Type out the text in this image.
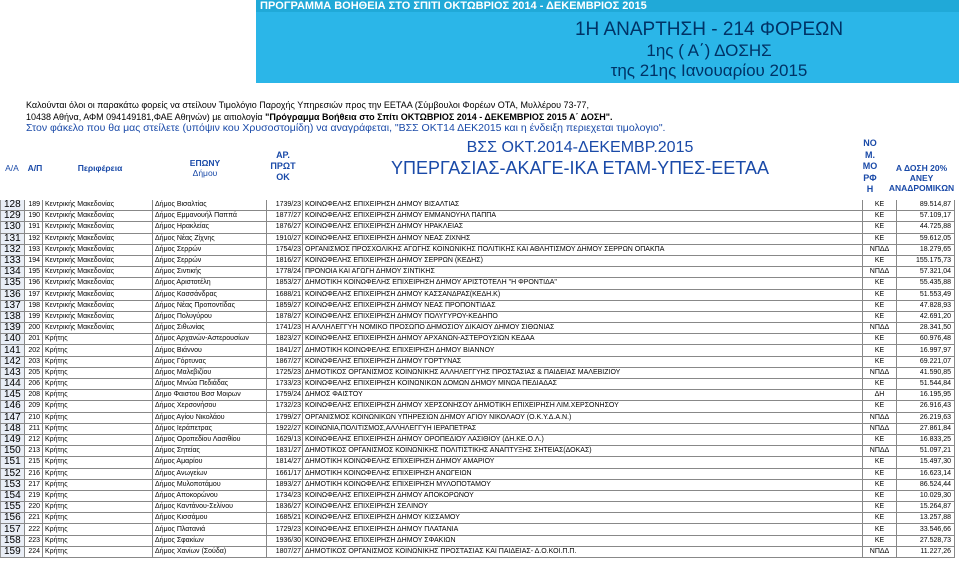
ΠΡΟΓΡΑΜΜΑ ΒΟΗΘΕΙΑ ΣΤΟ ΣΠΙΤΙ ΟΚΤΩΒΡΙΟΣ 2014 - ΔΕΚΕΜΒΡΙΟΣ 2015
1Η ΑΝΑΡΤΗΣΗ - 214 ΦΟΡΕΩΝ
1ης ( Α΄) ΔΟΣΗΣ
της 21ης Ιανουαρίου 2015
Καλούνται όλοι οι παρακάτω φορείς να στείλουν Τιμολόγιο Παροχής Υπηρεσιών προς την ΕΕΤΑΑ (Σύμβουλοι Φορέων ΟΤΑ, Μυλλέρου 73-77,
10438 Αθήνα, ΑΦΜ 094149181,ΦΑΕ Αθηνών) με αιτιολογία "Πρόγραμμα Βοήθεια στο Σπίτι ΟΚΤΩΒΡΙΟΣ 2014 - ΔΕΚΕΜΒΡΙΟΣ 2015 Α΄ ΔΟΣΗ".
Στον φάκελο που θα μας στείλετε (υπόψιν κου Χρυσοστομίδη) να αναγράφεται, "ΒΣΣ ΟΚΤ14 ΔΕΚ2015 και η ένδειξη περιεχεται τιμολογιο".
Α/Α	Α/Π	Περιφέρεια	ΕΠΩΝΥ
Δήμου
ΑΡ.
ΠΡΩΤ
ΟΚ
ΒΣΣ ΟΚΤ.2014-ΔΕΚΕΜΒΡ.2015
ΥΠΕΡΓΑΣΙΑΣ-ΑΚΑΓΕ-ΙΚΑ ΕΤΑΜ-ΥΠΕΣ-ΕΕΤΑΑ
ΝΟ
Μ.
ΜΟ
ΡΦ
Η
Α ΔΟΣΗ 20%
ΑΝΕΥ
ΑΝΑΔΡΟΜΙΚΩΝ
128	189	Κεντρικής Μακεδονίας	Δήμος Βισαλτίας	1739/23	ΚΟΙΝΩΦΕΛΗΣ ΕΠΙΧΕΙΡΗΣΗ ΔΗΜΟΥ ΒΙΣΑΛΤΙΑΣ	ΚΕ	89.514,87
129	190	Κεντρικής Μακεδονίας	Δήμος Εμμανουήλ Παππά	1877/27	ΚΟΙΝΩΦΕΛΗΣ ΕΠΙΧΕΙΡΗΣΗ ΔΗΜΟΥ ΕΜΜΑΝΟΥΗΛ ΠΑΠΠΑ	ΚΕ	57.109,17
130	191	Κεντρικής Μακεδονίας	Δήμος Ηρακλείας	1876/27	ΚΟΙΝΩΦΕΛΗΣ ΕΠΙΧΕΙΡΗΣΗ ΔΗΜΟΥ ΗΡΑΚΛΕΙΑΣ	ΚΕ	44.725,88
131	192	Κεντρικής Μακεδονίας	Δήμος Νέας Ζίχνης	1910/27	ΚΟΙΝΩΦΕΛΗΣ ΕΠΙΧΕΙΡΗΣΗ ΔΗΜΟΥ ΝΕΑΣ ΖΙΧΝΗΣ	ΚΕ	59.612,05
132	193	Κεντρικής Μακεδονίας	Δήμος Σερρών	1754/23	ΟΡΓΑΝΙΣΜΟΣ ΠΡΟΣΧΟΛΙΚΗΣ ΑΓΩΓΗΣ ΚΟΙΝΩΝΙΚΗΣ ΠΟΛΙΤΙΚΗΣ ΚΑΙ ΑΘΛΗΤΙΣΜΟΥ ΔΗΜΟΥ ΣΕΡΡΩΝ ΟΠΑΚΠΑ	ΝΠΔΔ	18.279,65
133	194	Κεντρικής Μακεδονίας	Δήμος Σερρών	1816/27	ΚΟΙΝΩΦΕΛΗΣ ΕΠΙΧΕΙΡΗΣΗ ΔΗΜΟΥ ΣΕΡΡΩΝ (ΚΕΔΗΣ)	ΚΕ	155.175,73
134	195	Κεντρικής Μακεδονίας	Δήμος Σιντικής	1778/24	ΠΡΟΝΟΙΑ ΚΑΙ ΑΓΩΓΗ ΔΗΜΟΥ ΣΙΝΤΙΚΗΣ	ΝΠΔΔ	57.321,04
135	196	Κεντρικής Μακεδονίας	Δήμος Αριστοτέλη	1853/27	ΔΗΜΟΤΙΚΗ ΚΟΙΝΩΦΕΛΗΣ ΕΠΙΧΕΙΡΗΣΗ ΔΗΜΟΥ ΑΡΙΣΤΟΤΕΛΗ "Η ΦΡΟΝΤΙΔΑ"	ΚΕ	55.435,88
136	197	Κεντρικής Μακεδονίας	Δήμος Κασσάνδρας	1688/21	ΚΟΙΝΩΦΕΛΗΣ ΕΠΙΧΕΙΡΗΣΗ ΔΗΜΟΥ ΚΑΣΣΑΝΔΡΑΣ(ΚΕΔΗ.Κ)	ΚΕ	51.553,49
137	198	Κεντρικής Μακεδονίας	Δήμος Νέας Προποντίδας	1859/27	ΚΟΙΝΩΦΕΛΗΣ ΕΠΙΧΕΙΡΗΣΗ ΔΗΜΟΥ ΝΕΑΣ ΠΡΟΠΟΝΤΙΔΑΣ	ΚΕ	47.828,93
138	199	Κεντρικής Μακεδονίας	Δήμος Πολυγύρου	1878/27	ΚΟΙΝΩΦΕΛΗΣ ΕΠΙΧΕΙΡΗΣΗ ΔΗΜΟΥ ΠΟΛΥΓΥΡΟΥ-ΚΕΔΗΠΟ	ΚΕ	42.691,20
139	200	Κεντρικής Μακεδονίας	Δήμος Σιθωνίας	1741/23	Η ΑΛΛΗΛΕΓΓΥΗ ΝΟΜΙΚΟ ΠΡΟΣΩΠΟ ΔΗΜΟΣΙΟΥ ΔΙΚΑΙΟΥ ΔΗΜΟΥ ΣΙΘΩΝΙΑΣ	ΝΠΔΔ	28.341,50
140	201	Κρήτης	Δήμος Αρχανών-Αστερουσίων	1823/27	ΚΟΙΝΩΦΕΛΗΣ ΕΠΙΧΕΙΡΗΣΗ ΔΗΜΟΥ ΑΡΧΑΝΩΝ-ΑΣΤΕΡΟΥΣΙΩΝ ΚΕΔΑΑ	ΚΕ	60.976,48
141	202	Κρήτης	Δήμος Βιάννου	1841/27	ΔΗΜΟΤΙΚΗ ΚΟΙΝΩΦΕΛΗΣ ΕΠΙΧΕΙΡΗΣΗ ΔΗΜΟΥ ΒΙΑΝΝΟΥ	ΚΕ	16.997,97
142	203	Κρήτης	Δήμος Γόρτυνας	1867/27	ΚΟΙΝΩΦΕΛΗΣ ΕΠΙΧΕΙΡΗΣΗ ΔΗΜΟΥ ΓΟΡΤΥΝΑΣ	ΚΕ	69.221,07
143	205	Κρήτης	Δήμος Μαλεβιζίου	1725/23	ΔΗΜΟΤΙΚΟΣ ΟΡΓΑΝΙΣΜΟΣ ΚΟΙΝΩΝΙΚΗΣ ΑΛΛΗΛΕΓΓΥΗΣ ΠΡΟΣΤΑΣΙΑΣ & ΠΑΙΔΕΙΑΣ ΜΑΛΕΒΙΖΙΟΥ	ΝΠΔΔ	41.590,85
144	206	Κρήτης	Δήμος Μινώα Πεδιάδας	1733/23	ΚΟΙΝΩΦΕΛΗΣ ΕΠΙΧΕΙΡΗΣΗ ΚΟΙΝΩΝΙΚΩΝ ΔΟΜΩΝ ΔΗΜΟΥ ΜΙΝΩΑ ΠΕΔΙΑΔΑΣ	ΚΕ	51.544,84
145	208	Κρήτης	Δημο Φαιστου Βσσ Μοιρων	1759/24	ΔΗΜΟΣ ΦΑΙΣΤΟΥ	ΔΗ	16.195,95
146	209	Κρήτης	Δήμος Χερσονήσου	1732/23	ΚΟΙΝΩΦΕΛΗΣ ΕΠΙΧΕΙΡΗΣΗ ΔΗΜΟΥ ΧΕΡΣΟΝΗΣΟΥ ΔΗΜΟΤΙΚΗ ΕΠΙΧΕΙΡΗΣΗ ΛΙΜ.ΧΕΡΣΟΝΗΣΟΥ	ΚΕ	26.916,43
147	210	Κρήτης	Δήμος Αγίου Νικολάου	1799/27	ΟΡΓΑΝΙΣΜΟΣ ΚΟΙΝΩΝΙΚΩΝ ΥΠΗΡΕΣΙΩΝ ΔΗΜΟΥ ΑΓΙΟΥ ΝΙΚΟΛΑΟΥ (Ο.Κ.Υ.Δ.Α.Ν.)	ΝΠΔΔ	26.219,63
148	211	Κρήτης	Δήμος Ιεράπετρας	1922/27	ΚΟΙΝΩΝΙΑ,ΠΟΛΙΤΙΣΜΟΣ,ΑΛΛΗΛΕΓΓΥΗ ΙΕΡΑΠΕΤΡΑΣ	ΝΠΔΔ	27.861,84
149	212	Κρήτης	Δήμος Οροπεδίου Λασιθίου	1629/13	ΚΟΙΝΩΦΕΛΗΣ ΕΠΙΧΕΙΡΗΣΗ ΔΗΜΟΥ ΟΡΟΠΕΔΙΟΥ ΛΑΣΙΘΙΟΥ (ΔΗ.ΚΕ.Ο.Λ.)	ΚΕ	16.833,25
150	213	Κρήτης	Δήμος Σητείας	1831/27	ΔΗΜΟΤΙΚΟΣ ΟΡΓΑΝΙΣΜΟΣ ΚΟΙΝΩΝΙΚΗΣ ΠΟΛΙΤΙΣΤΙΚΗΣ ΑΝΑΠΤΥΞΗΣ ΣΗΤΕΙΑΣ(ΔΟΚΑΣ)	ΝΠΔΔ	51.097,21
151	215	Κρήτης	Δήμος Αμαρίου	1814/27	ΔΗΜΟΤΙΚΗ ΚΟΙΝΩΦΕΛΗΣ ΕΠΙΧΕΙΡΗΣΗ ΔΗΜΟΥ ΑΜΑΡΙΟΥ	ΚΕ	15.497,30
152	216	Κρήτης	Δήμος Ανωγείων	1661/17	ΔΗΜΟΤΙΚΗ ΚΟΙΝΩΦΕΛΗΣ ΕΠΙΧΕΙΡΗΣΗ ΑΝΩΓΕΙΩΝ	ΚΕ	16.623,14
153	217	Κρήτης	Δήμος Μυλοποτάμου	1893/27	ΔΗΜΟΤΙΚΗ ΚΟΙΝΩΦΕΛΗΣ ΕΠΙΧΕΙΡΗΣΗ ΜΥΛΟΠΟΤΑΜΟΥ	ΚΕ	86.524,44
154	219	Κρήτης	Δήμος Αποκορώνου	1734/23	ΚΟΙΝΩΦΕΛΗΣ ΕΠΙΧΕΙΡΗΣΗ ΔΗΜΟΥ ΑΠΟΚΟΡΩΝΟΥ	ΚΕ	10.029,30
155	220	Κρήτης	Δήμος Καντάνου-Σελίνου	1836/27	ΚΟΙΝΩΦΕΛΗΣ ΕΠΙΧΕΙΡΗΣΗ ΣΕΛΙΝΟΥ	ΚΕ	15.264,87
156	221	Κρήτης	Δήμος Κισσάμου	1685/21	ΚΟΙΝΩΦΕΛΗΣ ΕΠΙΧΕΙΡΗΣΗ ΔΗΜΟΥ ΚΙΣΣΑΜΟΥ	ΚΕ	13.257,88
157	222	Κρήτης	Δήμος Πλατανιά	1729/23	ΚΟΙΝΩΦΕΛΗΣ ΕΠΙΧΕΙΡΗΣΗ ΔΗΜΟΥ ΠΛΑΤΑΝΙΑ	ΚΕ	33.546,66
158	223	Κρήτης	Δήμος Σφακίων	1936/30	ΚΟΙΝΩΦΕΛΗΣ ΕΠΙΧΕΙΡΗΣΗ ΔΗΜΟΥ ΣΦΑΚΙΩΝ	ΚΕ	27.528,73
159	224	Κρήτης	Δήμος Χανίων (Σούδα)	1807/27	ΔΗΜΟΤΙΚΟΣ ΟΡΓΑΝΙΣΜΟΣ ΚΟΙΝΩΝΙΚΗΣ ΠΡΟΣΤΑΣΙΑΣ ΚΑΙ ΠΑΙΔΕΙΑΣ- Δ.Ο.ΚΟΙ.Π.Π.	ΝΠΔΔ	11.227,26
